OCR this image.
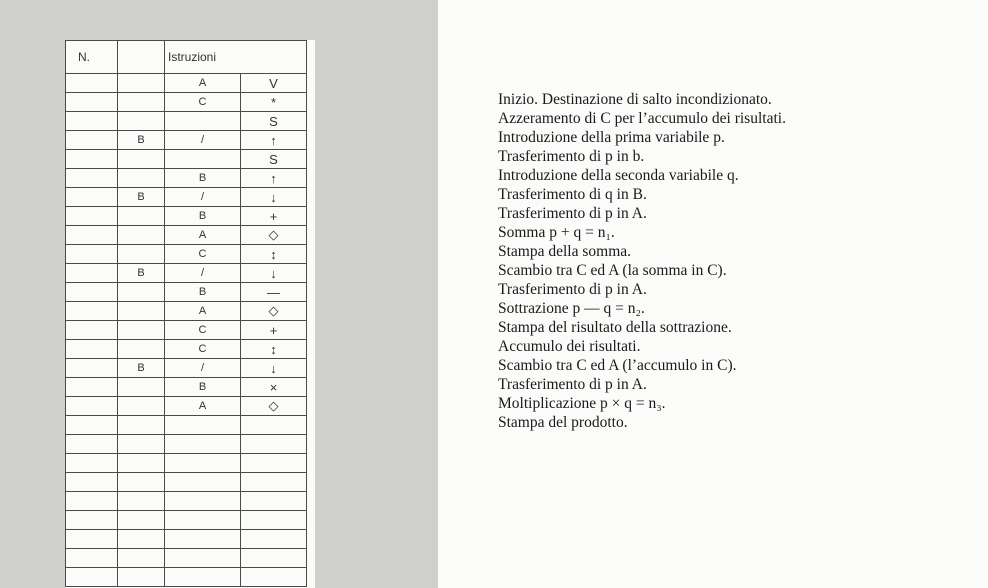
N.		Istruzioni	
		A	V
		C	*
			S
	B	/	↑
			S
		B	↑
	B	/	↓
		B	+
		A	◇
		C	↕
	B	/	↓
		B	—
		A	◇
		C	+
		C	↕
	B	/	↓
		B	×
		A	◇

Inizio. Destinazione di salto incondizionato.
Azzeramento di C per l’accumulo dei risultati.
Introduzione della prima variabile p.
Trasferimento di p in b.
Introduzione della seconda variabile q.
Trasferimento di q in B.
Trasferimento di p in A.
Somma p + q = n₁.
Stampa della somma.
Scambio tra C ed A (la somma in C).
Trasferimento di p in A.
Sottrazione p — q = n₂.
Stampa del risultato della sottrazione.
Accumulo dei risultati.
Scambio tra C ed A (l’accumulo in C).
Trasferimento di p in A.
Moltiplicazione p × q = n₃.
Stampa del prodotto.
